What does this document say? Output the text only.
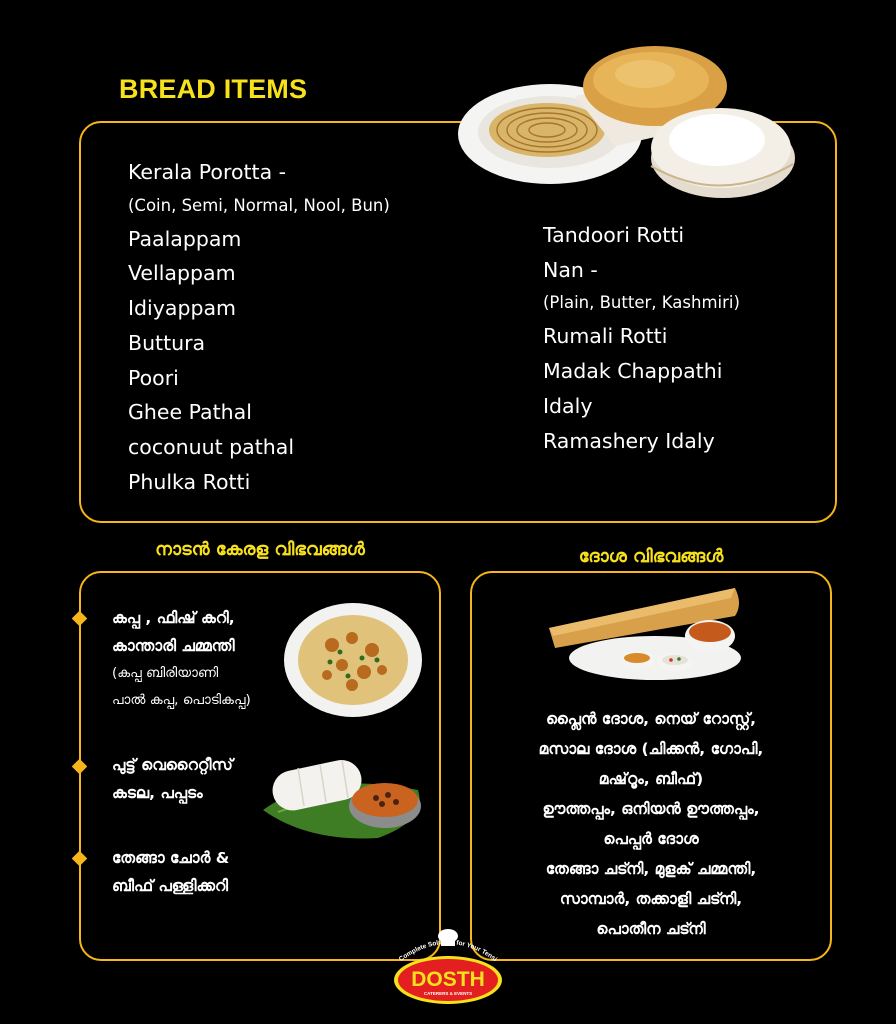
BREAD ITEMS
Kerala Porotta -
(Coin, Semi, Normal, Nool, Bun)
Paalappam
Vellappam
Idiyappam
Buttura
Poori
Ghee Pathal
coconuut pathal
Phulka Rotti
Tandoori Rotti
Nan -
(Plain, Butter, Kashmiri)
Rumali Rotti
Madak Chappathi
Idaly
Ramashery Idaly
നാടൻ കേരള വിഭവങ്ങൾ
കപ്പ , ഫിഷ് കറി,
കാന്താരി ചമ്മന്തി
(കപ്പ ബിരിയാണി
പാൽ കപ്പ, പൊടികപ്പ)
പുട്ട് വെറൈറ്റീസ്
കടല, പപ്പടം
തേങ്ങാ ചോർ &
ബീഫ് പള്ളിക്കറി
ദോശ വിഭവങ്ങൾ
പ്ലൈൻ ദോശ, നെയ് റോസ്റ്റ്,
മസാല ദോശ (ചിക്കൻ, ഗോപി,
മഷ്‌റൂം, ബീഫ്)
ഊത്തപ്പം, ഒനിയൻ ഊത്തപ്പം,
പെപ്പർ ദോശ
തേങ്ങാ ചട്നി, മുളക് ചമ്മന്തി,
സാമ്പാർ, തക്കാളി ചട്നി,
പൊതീന ചട്നി
Complete Solution for Your Tensi
DOSTH
CATERERS & EVENTS
